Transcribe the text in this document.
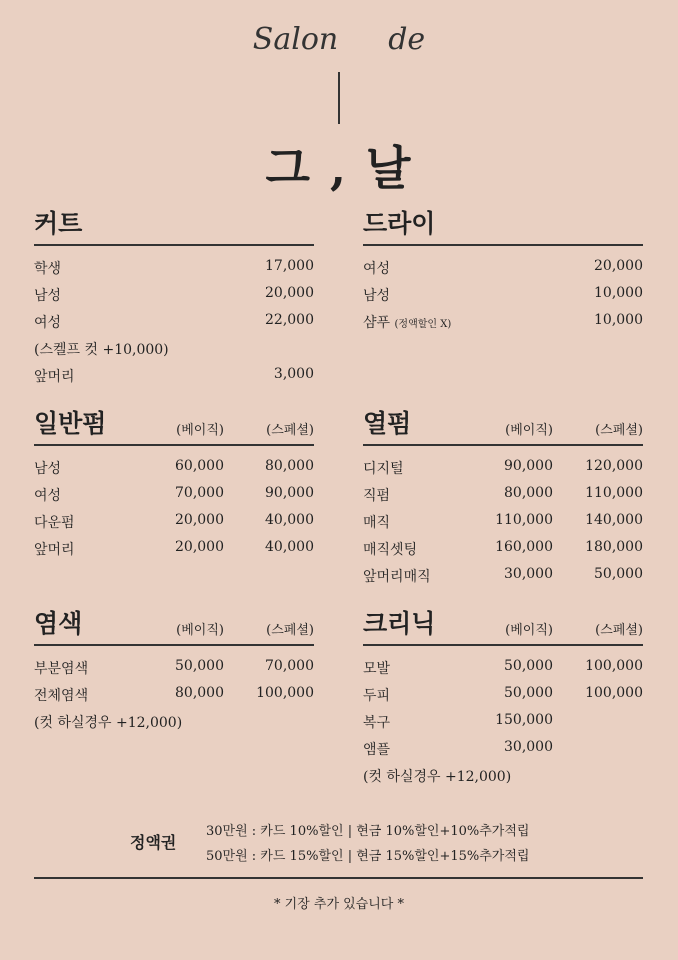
Salon de
그 , 날
커트
학생	17,000
남성	20,000
여성	22,000
(스켈프 컷 +10,000)
앞머리	3,000
드라이
여성	20,000
남성	10,000
샴푸 (정액할인 X)	10,000
일반펌	(베이직)	(스페셜)
남성	60,000	80,000
여성	70,000	90,000
다운펌	20,000	40,000
앞머리	20,000	40,000
열펌	(베이직)	(스페셜)
디지털	90,000 120,000
직펌	80,000 110,000
매직	110,000 140,000
매직셋팅	160,000 180,000
앞머리매직	30,000	50,000
염색	(베이직)	(스페셜)
부분염색	50,000	70,000
전체염색	80,000 100,000
(컷 하실경우 +12,000)
크리닉	(베이직)	(스페셜)
모발	50,000 100,000
두피	50,000 100,000
복구	150,000
앰플	30,000
(컷 하실경우 +12,000)
정액권
30만원 : 카드 10%할인 | 현금 10%할인+10%추가적립
50만원 : 카드 15%할인 | 현금 15%할인+15%추가적립
* 기장 추가 있습니다 *
